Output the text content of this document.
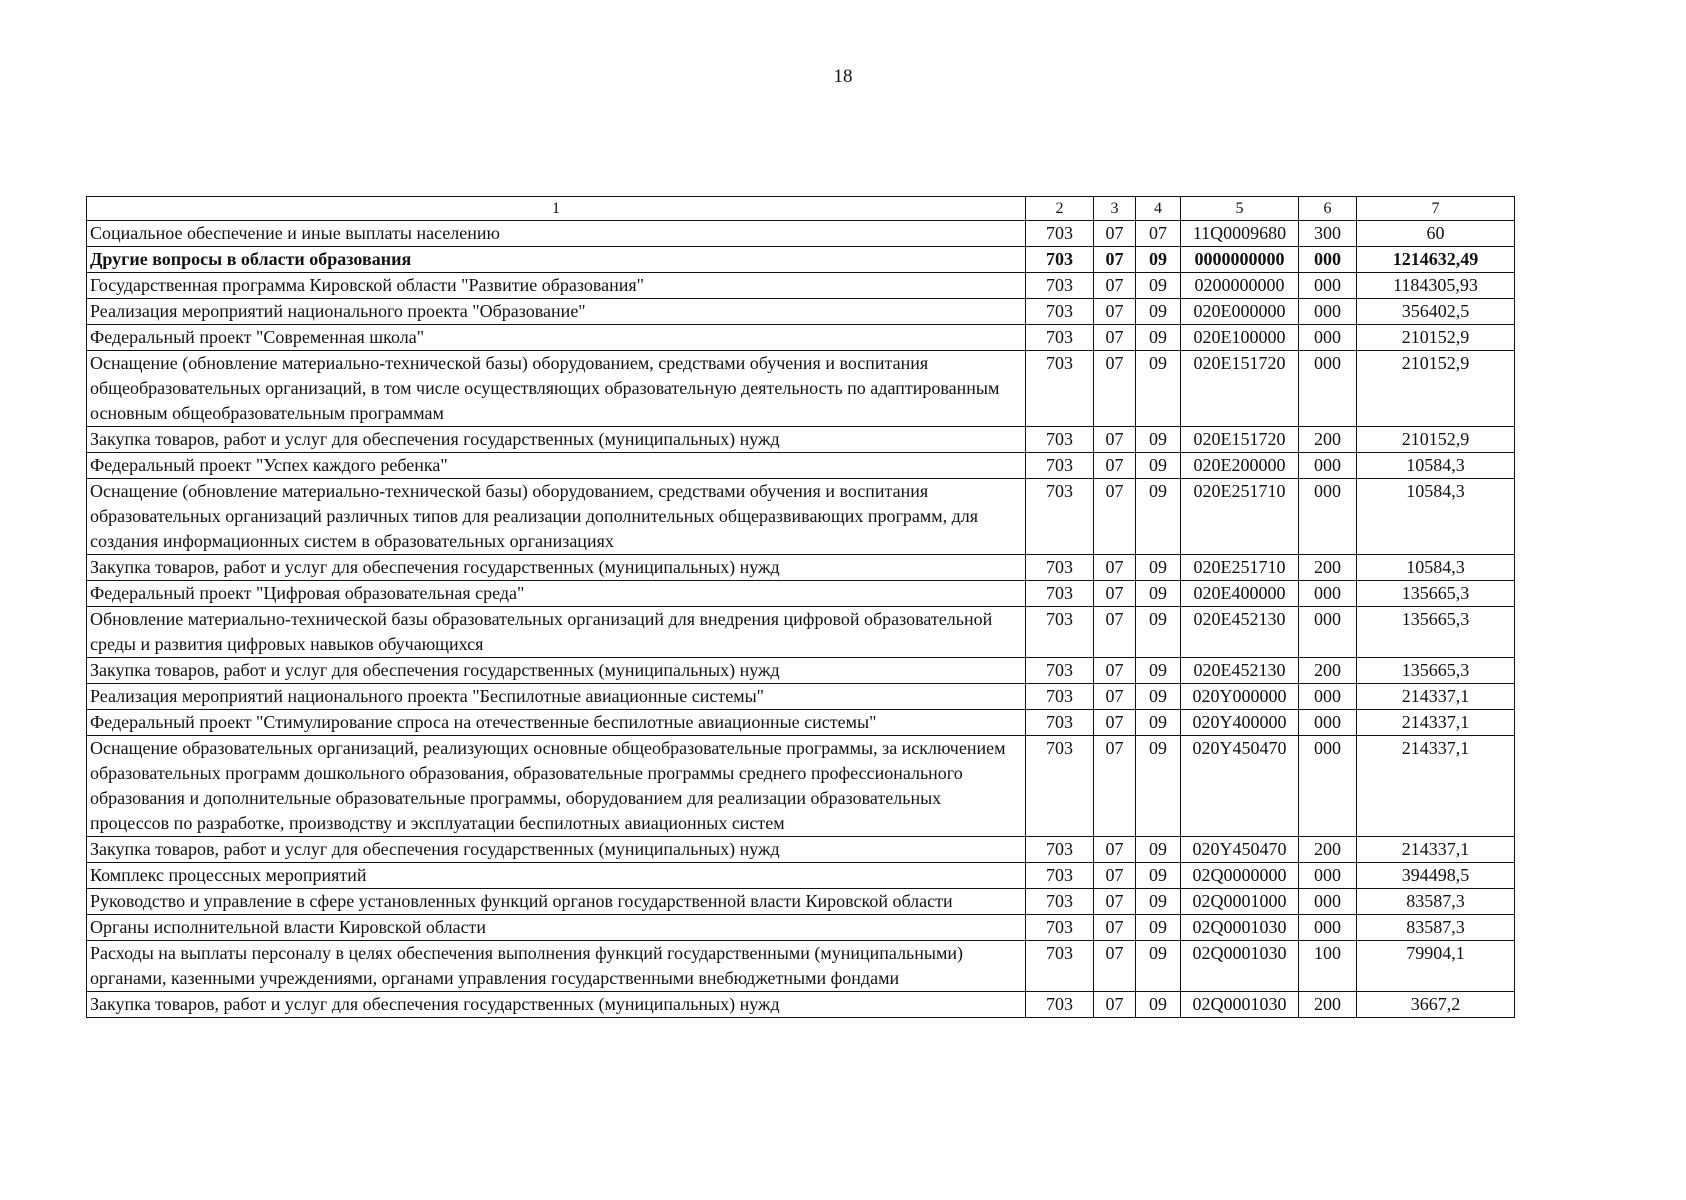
18
1	2	3	4	5	6	7
Социальное обеспечение и иные выплаты населению	703	07	07	11Q0009680	300	60
Другие вопросы в области образования	703	07	09	0000000000	000	1214632,49
Государственная программа Кировской области "Развитие образования"	703	07	09	0200000000	000	1184305,93
Реализация мероприятий национального проекта "Образование"	703	07	09	020E000000	000	356402,5
Федеральный проект "Современная школа"	703	07	09	020E100000	000	210152,9
Оснащение (обновление материально-технической базы) оборудованием, средствами обучения и воспитания общеобразовательных организаций, в том числе осуществляющих образовательную деятельность по адаптированным основным общеобразовательным программам	703	07	09	020E151720	000	210152,9
Закупка товаров, работ и услуг для обеспечения государственных (муниципальных) нужд	703	07	09	020E151720	200	210152,9
Федеральный проект "Успех каждого ребенка"	703	07	09	020E200000	000	10584,3
Оснащение (обновление материально-технической базы) оборудованием, средствами обучения и воспитания образовательных организаций различных типов для реализации дополнительных общеразвивающих программ, для создания информационных систем в образовательных организациях	703	07	09	020E251710	000	10584,3
Закупка товаров, работ и услуг для обеспечения государственных (муниципальных) нужд	703	07	09	020E251710	200	10584,3
Федеральный проект "Цифровая образовательная среда"	703	07	09	020E400000	000	135665,3
Обновление материально-технической базы образовательных организаций для внедрения цифровой образовательной среды и развития цифровых навыков обучающихся	703	07	09	020E452130	000	135665,3
Закупка товаров, работ и услуг для обеспечения государственных (муниципальных) нужд	703	07	09	020E452130	200	135665,3
Реализация мероприятий национального проекта "Беспилотные авиационные системы"	703	07	09	020Y000000	000	214337,1
Федеральный проект "Стимулирование спроса на отечественные беспилотные авиационные системы"	703	07	09	020Y400000	000	214337,1
Оснащение образовательных организаций, реализующих основные общеобразовательные программы, за исключением образовательных программ дошкольного образования, образовательные программы среднего профессионального образования и дополнительные образовательные программы, оборудованием для реализации образовательных процессов по разработке, производству и эксплуатации беспилотных авиационных систем	703	07	09	020Y450470	000	214337,1
Закупка товаров, работ и услуг для обеспечения государственных (муниципальных) нужд	703	07	09	020Y450470	200	214337,1
Комплекс процессных мероприятий	703	07	09	02Q0000000	000	394498,5
Руководство и управление в сфере установленных функций органов государственной власти Кировской области	703	07	09	02Q0001000	000	83587,3
Органы исполнительной власти Кировской области	703	07	09	02Q0001030	000	83587,3
Расходы на выплаты персоналу в целях обеспечения выполнения функций государственными (муниципальными) органами, казенными учреждениями, органами управления государственными внебюджетными фондами	703	07	09	02Q0001030	100	79904,1
Закупка товаров, работ и услуг для обеспечения государственных (муниципальных) нужд	703	07	09	02Q0001030	200	3667,2
